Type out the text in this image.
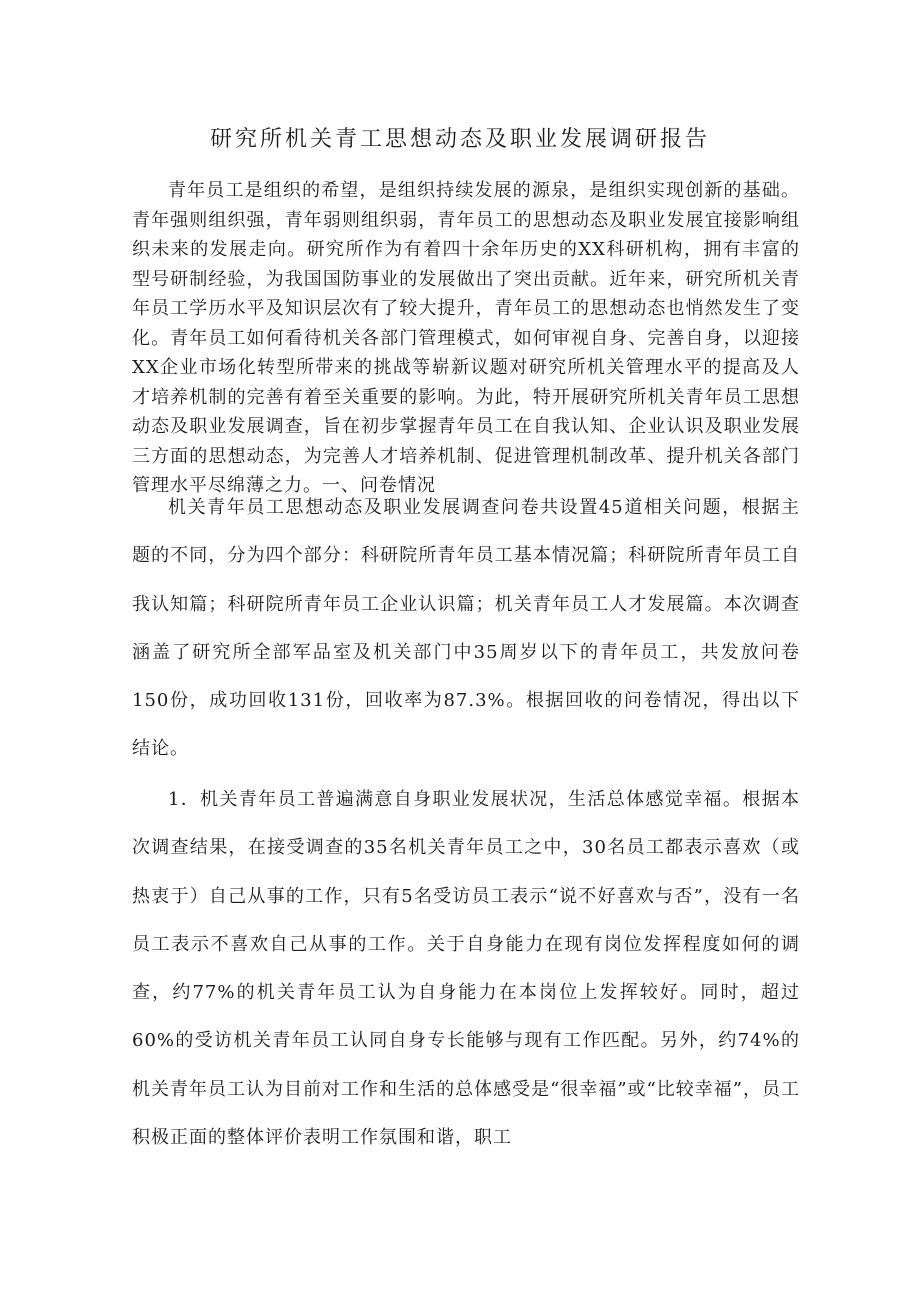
研究所机关青工思想动态及职业发展调研报告

青年员工是组织的希望，是组织持续发展的源泉，是组织实现创新的基础。青年强则组织强，青年弱则组织弱，青年员工的思想动态及职业发展宜接影响组织未来的发展走向。研究所作为有着四十余年历史的XX科研机构，拥有丰富的型号研制经验，为我国国防事业的发展做出了突出贡献。近年来，研究所机关青年员工学历水平及知识层次有了较大提升，青年员工的思想动态也悄然发生了变化。青年员工如何看待机关各部门管理模式，如何审视自身、完善自身，以迎接XX企业市场化转型所带来的挑战等崭新议题对研究所机关管理水平的提高及人才培养机制的完善有着至关重要的影响。为此，特开展研究所机关青年员工思想动态及职业发展调查，旨在初步掌握青年员工在自我认知、企业认识及职业发展三方面的思想动态，为完善人才培养机制、促进管理机制改革、提升机关各部门管理水平尽绵薄之力。一、问卷情况

机关青年员工思想动态及职业发展调查问卷共设置45道相关问题，根据主题的不同，分为四个部分：科研院所青年员工基本情况篇；科研院所青年员工自我认知篇；科研院所青年员工企业认识篇；机关青年员工人才发展篇。本次调查涵盖了研究所全部军品室及机关部门中35周岁以下的青年员工，共发放问卷150份，成功回收131份，回收率为87.3%。根据回收的问卷情况，得出以下结论。

1．机关青年员工普遍满意自身职业发展状况，生活总体感觉幸福。根据本次调查结果，在接受调查的35名机关青年员工之中，30名员工都表示喜欢（或热衷于）自己从事的工作，只有5名受访员工表示“说不好喜欢与否”，没有一名员工表示不喜欢自己从事的工作。关于自身能力在现有岗位发挥程度如何的调查，约77%的机关青年员工认为自身能力在本岗位上发挥较好。同时，超过60%的受访机关青年员工认同自身专长能够与现有工作匹配。另外，约74%的机关青年员工认为目前对工作和生活的总体感受是“很幸福”或“比较幸福”，员工积极正面的整体评价表明工作氛围和谐，职工
